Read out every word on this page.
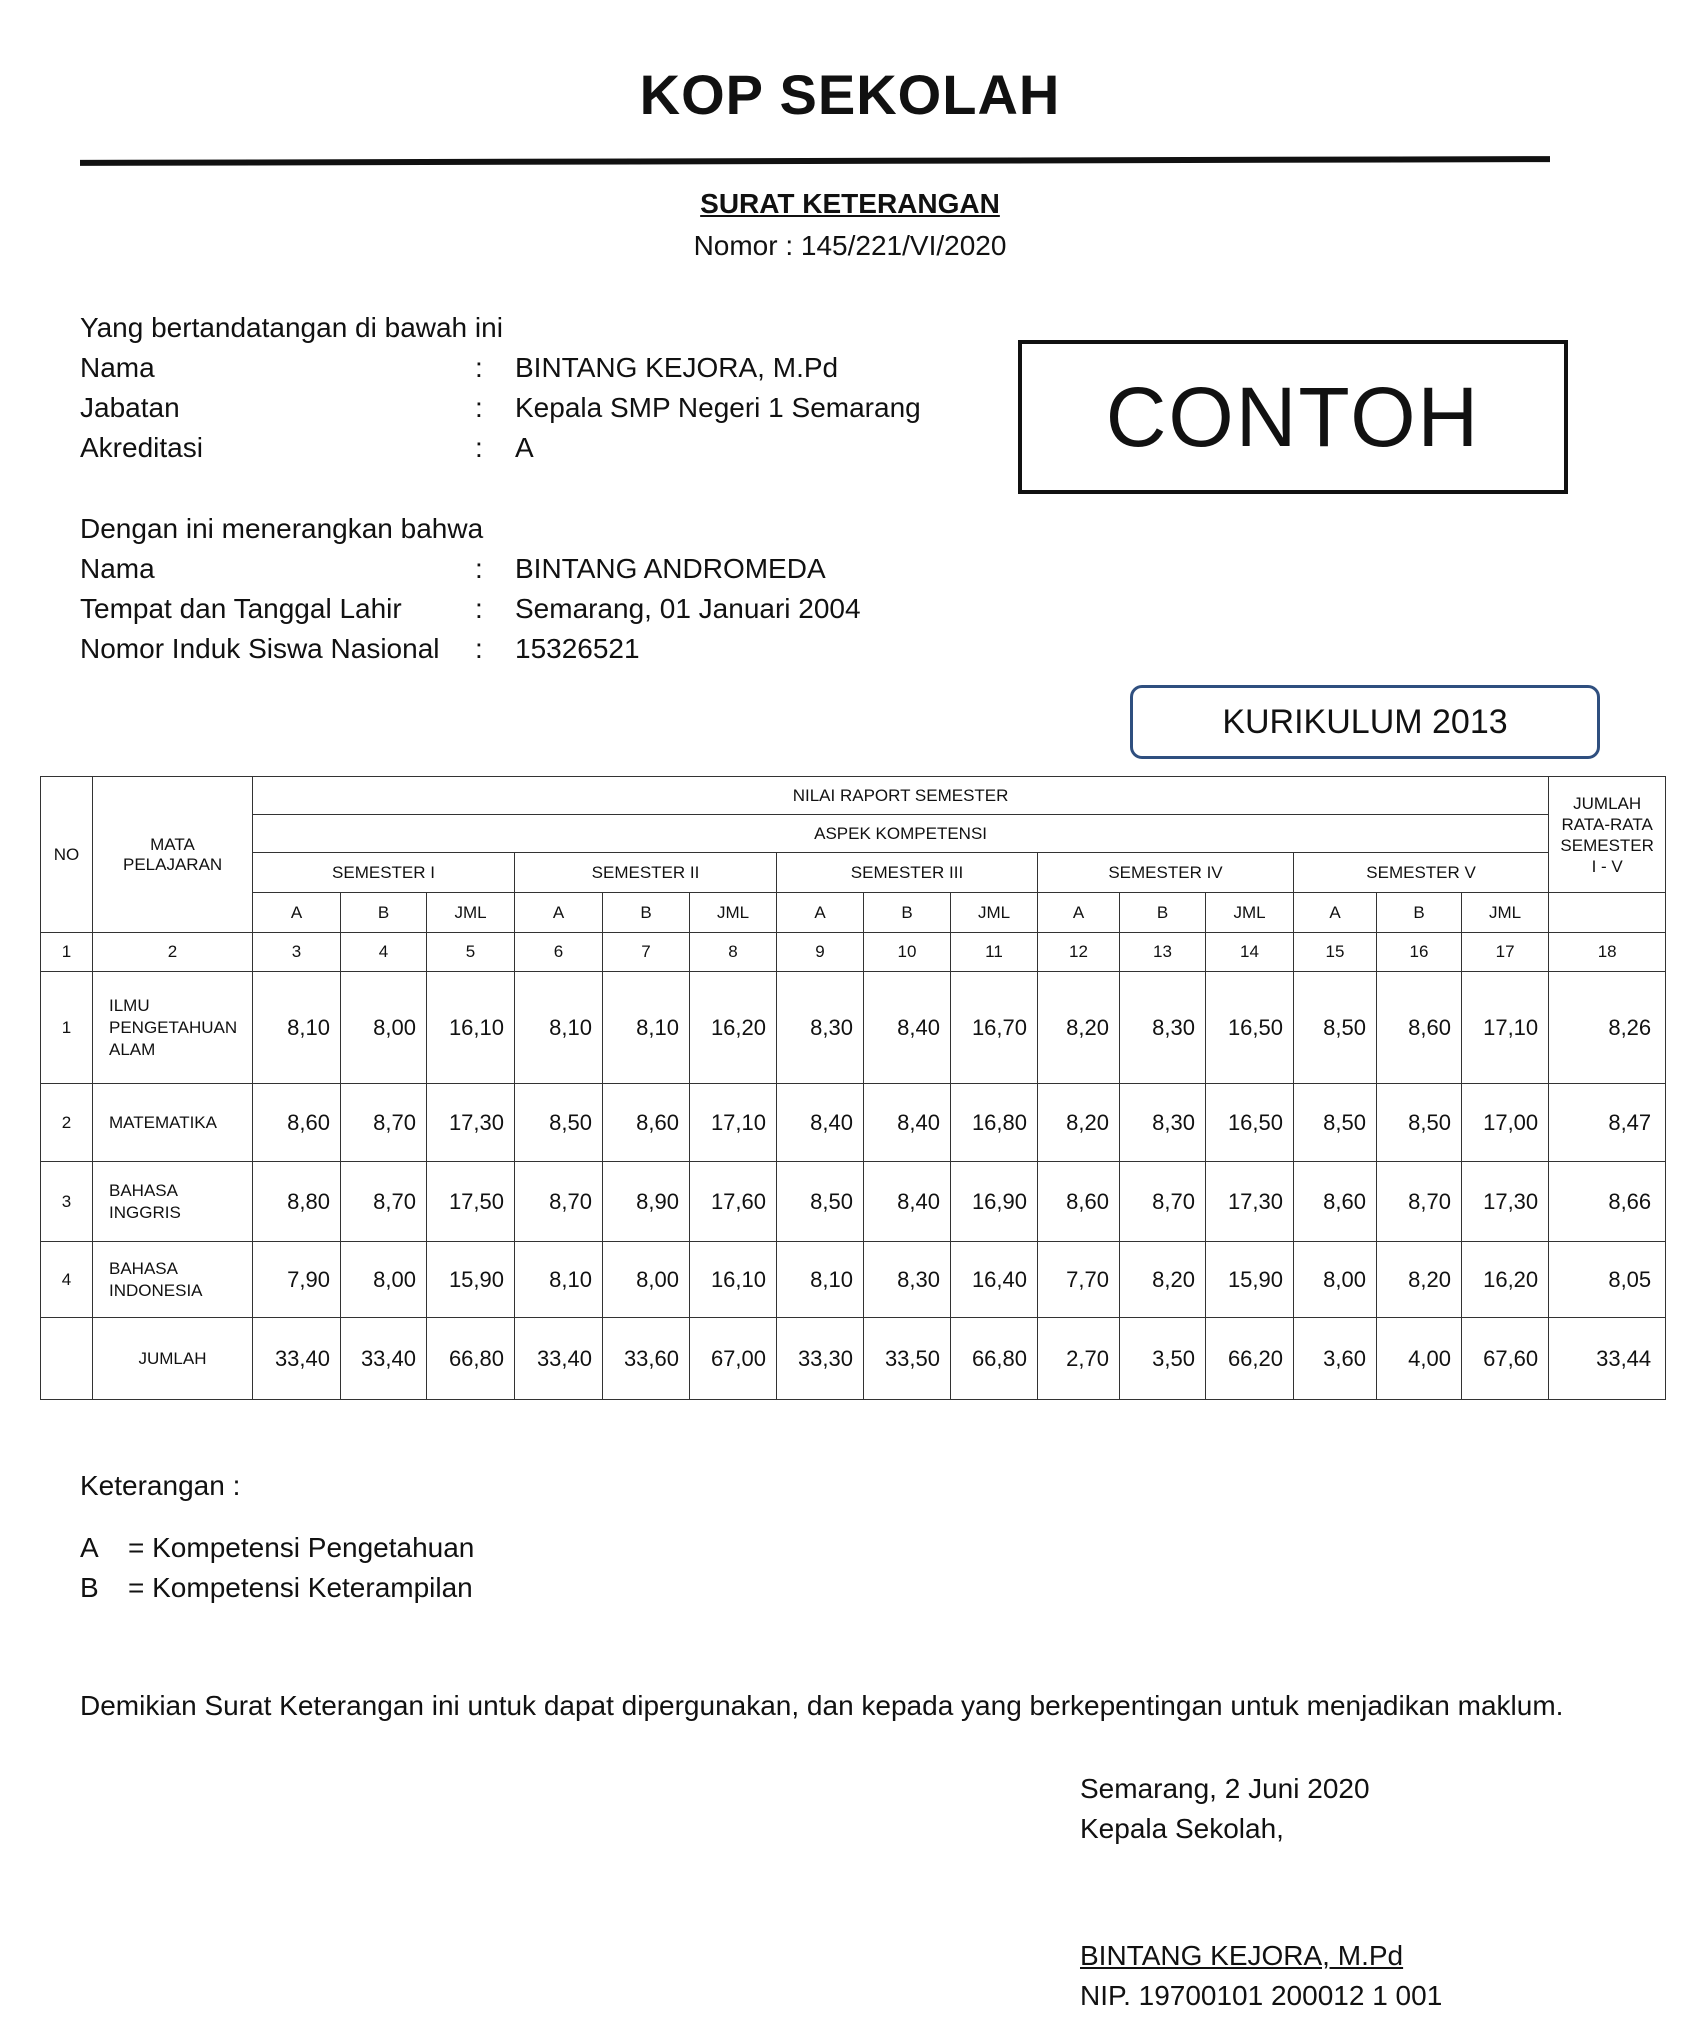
KOP SEKOLAH
SURAT KETERANGAN
Nomor : 145/221/VI/2020
Yang bertandatangan di bawah ini
Nama	: BINTANG KEJORA, M.Pd
Jabatan	: Kepala SMP Negeri 1 Semarang
Akreditasi	: A	CONTOH
Dengan ini menerangkan bahwa
Nama	: BINTANG ANDROMEDA
Tempat dan Tanggal Lahir	: Semarang, 01 Januari 2004
Nomor Induk Siswa Nasional : 15326521
KURIKULUM 2013
NO	MATA PELAJARAN	NILAI RAPORT SEMESTER															JUMLAH RATA-RATA SEMESTER I - V
		ASPEK KOMPETENSI															
		SEMESTER I			SEMESTER II			SEMESTER III			SEMESTER IV			SEMESTER V			
		A	B	JML	A	B	JML	A	B	JML	A	B	JML	A	B	JML	
1	2	3	4	5	6	7	8	9	10	11	12	13	14	15	16	17	18
1	ILMU PENGETAHUAN ALAM	8,10	8,00	16,10	8,10	8,10	16,20	8,30	8,40	16,70	8,20	8,30	16,50	8,50	8,60	17,10	8,26
2	MATEMATIKA	8,60	8,70	17,30	8,50	8,60	17,10	8,40	8,40	16,80	8,20	8,30	16,50	8,50	8,50	17,00	8,47
3	BAHASA INGGRIS	8,80	8,70	17,50	8,70	8,90	17,60	8,50	8,40	16,90	8,60	8,70	17,30	8,60	8,70	17,30	8,66
4	BAHASA INDONESIA	7,90	8,00	15,90	8,10	8,00	16,10	8,10	8,30	16,40	7,70	8,20	15,90	8,00	8,20	16,20	8,05
	JUMLAH	33,40	33,40	66,80	33,40	33,60	67,00	33,30	33,50	66,80	2,70	3,50	66,20	3,60	4,00	67,60	33,44
Keterangan :
A = Kompetensi Pengetahuan
B = Kompetensi Keterampilan
Demikian Surat Keterangan ini untuk dapat dipergunakan, dan kepada yang berkepentingan untuk menjadikan maklum.
Semarang, 2 Juni 2020
Kepala Sekolah,
BINTANG KEJORA, M.Pd
NIP. 19700101 200012 1 001
